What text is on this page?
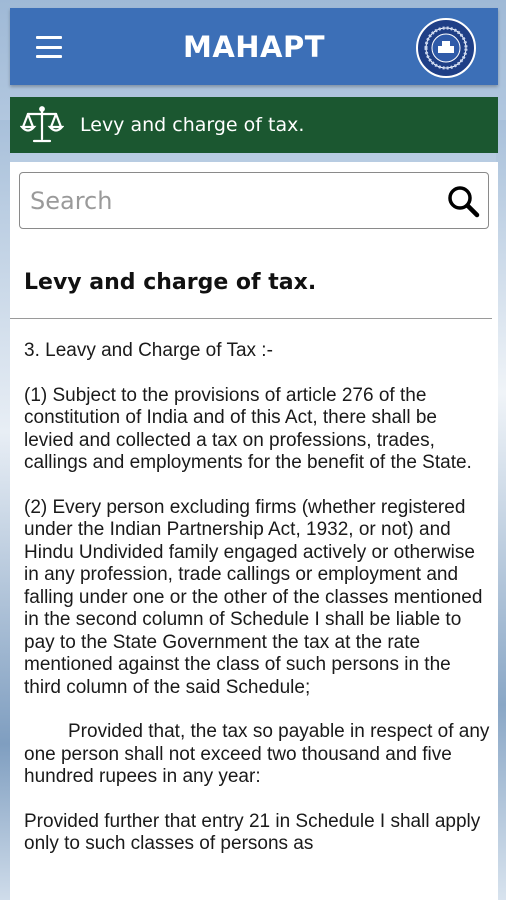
MAHAPT
Levy and charge of tax.
Search
Levy and charge of tax.

3. Leavy and Charge of Tax :-

(1) Subject to the provisions of article 276 of the constitution of India and of this Act, there shall be levied and collected a tax on professions, trades, callings and employments for the benefit of the State.

(2) Every person excluding firms (whether registered under the Indian Partnership Act, 1932, or not) and Hindu Undivided family engaged actively or otherwise in any profession, trade callings or employment and falling under one or the other of the classes mentioned in the second column of Schedule I shall be liable to pay to the State Government the tax at the rate mentioned against the class of such persons in the third column of the said Schedule;

Provided that, the tax so payable in respect of any one person shall not exceed two thousand and five hundred rupees in any year:

Provided further that entry 21 in Schedule I shall apply only to such classes of persons as
